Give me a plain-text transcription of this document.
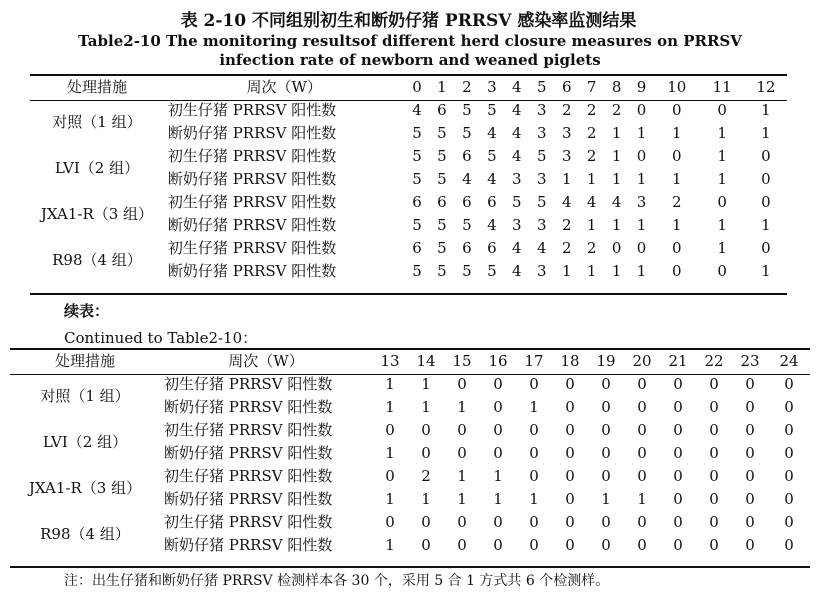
表 2-10 不同组别初生和断奶仔猪 PRRSV 感染率监测结果
Table2-10 The monitoring resultsof different herd closure measures on PRRSV infection rate of newborn and weaned piglets
处理措施	周次（W）	0	1	2	3	4	5	6	7	8	9	10	11	12
对照（1 组）	初生仔猪 PRRSV 阳性数	4	6	5	5	4	3	2	2	2	0	0	0	1
	断奶仔猪 PRRSV 阳性数	5	5	5	4	4	3	3	2	1	1	1	1	1
LVI（2 组）	初生仔猪 PRRSV 阳性数	5	5	6	5	4	5	3	2	1	0	0	1	0
	断奶仔猪 PRRSV 阳性数	5	5	4	4	3	3	1	1	1	1	1	1	0
JXA1-R（3 组）	初生仔猪 PRRSV 阳性数	6	6	6	6	5	5	4	4	4	3	2	0	0
	断奶仔猪 PRRSV 阳性数	5	5	5	4	3	3	2	1	1	1	1	1	1
R98（4 组）	初生仔猪 PRRSV 阳性数	6	5	6	6	4	4	2	2	0	0	0	1	0
	断奶仔猪 PRRSV 阳性数	5	5	5	5	4	3	1	1	1	1	0	0	1
续表：
Continued to Table2-10：
处理措施	周次（W）	13	14	15	16	17	18	19	20	21	22	23	24
对照（1 组）	初生仔猪 PRRSV 阳性数	1	1	0	0	0	0	0	0	0	0	0	0
	断奶仔猪 PRRSV 阳性数	1	1	1	0	1	0	0	0	0	0	0	0
LVI（2 组）	初生仔猪 PRRSV 阳性数	0	0	0	0	0	0	0	0	0	0	0	0
	断奶仔猪 PRRSV 阳性数	1	0	0	0	0	0	0	0	0	0	0	0
JXA1-R（3 组）	初生仔猪 PRRSV 阳性数	0	2	1	1	0	0	0	0	0	0	0	0
	断奶仔猪 PRRSV 阳性数	1	1	1	1	1	0	1	1	0	0	0	0
R98（4 组）	初生仔猪 PRRSV 阳性数	0	0	0	0	0	0	0	0	0	0	0	0
	断奶仔猪 PRRSV 阳性数	1	0	0	0	0	0	0	0	0	0	0	0
注：出生仔猪和断奶仔猪 PRRSV 检测样本各 30 个，采用 5 合 1 方式共 6 个检测样。
